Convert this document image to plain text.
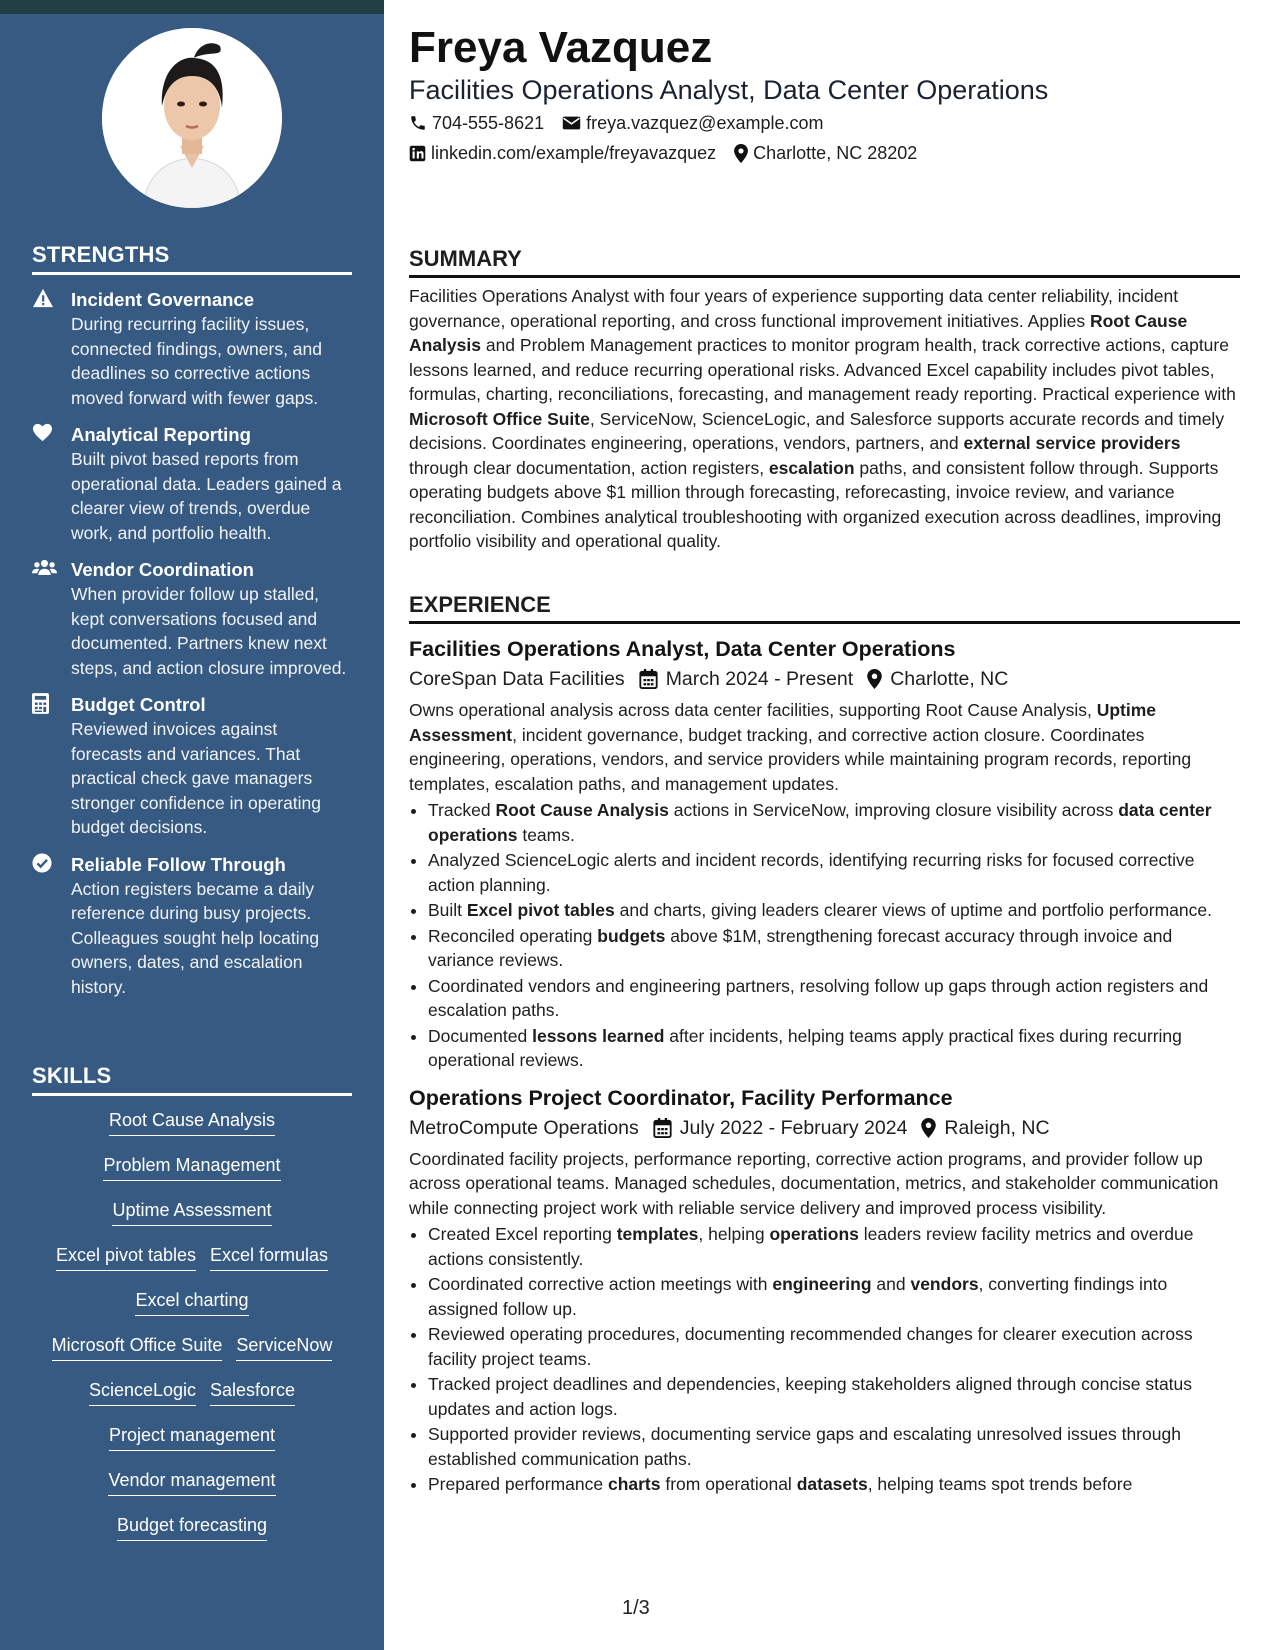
STRENGTHS
Incident Governance
During recurring facility issues, connected findings, owners, and deadlines so corrective actions moved forward with fewer gaps.
Analytical Reporting
Built pivot based reports from operational data. Leaders gained a clearer view of trends, overdue work, and portfolio health.
Vendor Coordination
When provider follow up stalled, kept conversations focused and documented. Partners knew next steps, and action closure improved.
Budget Control
Reviewed invoices against forecasts and variances. That practical check gave managers stronger confidence in operating budget decisions.
Reliable Follow Through
Action registers became a daily reference during busy projects. Colleagues sought help locating owners, dates, and escalation history.
SKILLS
Root Cause Analysis
Problem Management
Uptime Assessment
Excel pivot tables Excel formulas
Excel charting
Microsoft Office Suite ServiceNow
ScienceLogic Salesforce
Project management
Vendor management
Budget forecasting
Freya Vazquez
Facilities Operations Analyst, Data Center Operations
704-555-8621 freya.vazquez@example.com
linkedin.com/example/freyavazquez Charlotte, NC 28202
SUMMARY

Facilities Operations Analyst with four years of experience supporting data center reliability, incident governance, operational reporting, and cross functional improvement initiatives. Applies Root Cause Analysis and Problem Management practices to monitor program health, track corrective actions, capture lessons learned, and reduce recurring operational risks. Advanced Excel capability includes pivot tables, formulas, charting, reconciliations, forecasting, and management ready reporting. Practical experience with Microsoft Office Suite, ServiceNow, ScienceLogic, and Salesforce supports accurate records and timely decisions. Coordinates engineering, operations, vendors, partners, and external service providers through clear documentation, action registers, escalation paths, and consistent follow through. Supports operating budgets above $1 million through forecasting, reforecasting, invoice review, and variance reconciliation. Combines analytical troubleshooting with organized execution across deadlines, improving portfolio visibility and operational quality.

EXPERIENCE
Facilities Operations Analyst, Data Center Operations
CoreSpan Data Facilities March 2024 - Present Charlotte, NC
Owns operational analysis across data center facilities, supporting Root Cause Analysis, Uptime Assessment, incident governance, budget tracking, and corrective action closure. Coordinates engineering, operations, vendors, and service providers while maintaining program records, reporting templates, escalation paths, and management updates.
• Tracked Root Cause Analysis actions in ServiceNow, improving closure visibility across data center operations teams.
• Analyzed ScienceLogic alerts and incident records, identifying recurring risks for focused corrective action planning.
• Built Excel pivot tables and charts, giving leaders clearer views of uptime and portfolio performance.
• Reconciled operating budgets above $1M, strengthening forecast accuracy through invoice and variance reviews.
• Coordinated vendors and engineering partners, resolving follow up gaps through action registers and escalation paths.
• Documented lessons learned after incidents, helping teams apply practical fixes during recurring operational reviews.
Operations Project Coordinator, Facility Performance
MetroCompute Operations July 2022 - February 2024 Raleigh, NC
Coordinated facility projects, performance reporting, corrective action programs, and provider follow up across operational teams. Managed schedules, documentation, metrics, and stakeholder communication while connecting project work with reliable service delivery and improved process visibility.
• Created Excel reporting templates, helping operations leaders review facility metrics and overdue actions consistently.
• Coordinated corrective action meetings with engineering and vendors, converting findings into assigned follow up.
• Reviewed operating procedures, documenting recommended changes for clearer execution across facility project teams.
• Tracked project deadlines and dependencies, keeping stakeholders aligned through concise status updates and action logs.
• Supported provider reviews, documenting service gaps and escalating unresolved issues through established communication paths.
• Prepared performance charts from operational datasets, helping teams spot trends before
1/3
